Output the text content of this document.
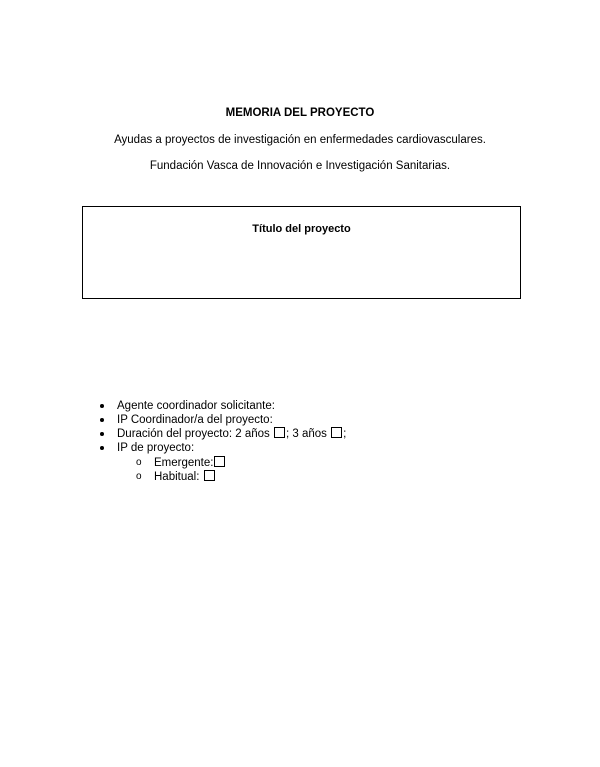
MEMORIA DEL PROYECTO
Ayudas a proyectos de investigación en enfermedades cardiovasculares.
Fundación Vasca de Innovación e Investigación Sanitarias.
Título del proyecto
Agente coordinador solicitante:
IP Coordinador/a del proyecto:
Duración del proyecto: 2 años ; 3 años ;
IP de proyecto:
o Emergente:
o Habitual:
